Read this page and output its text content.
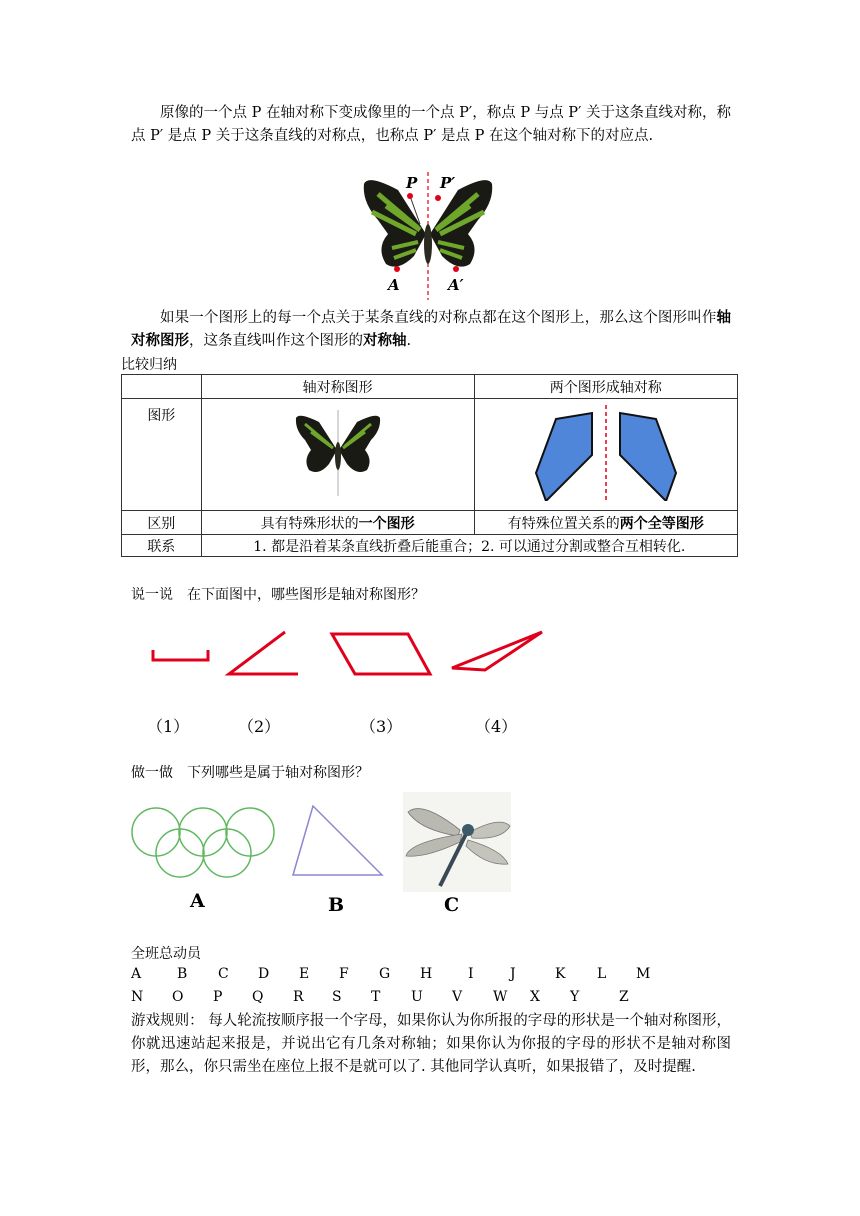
原像的一个点 P 在轴对称下变成像里的一个点 P′，称点 P 与点 P′ 关于这条直线对称，称点 P′ 是点 P 关于这条直线的对称点，也称点 P′ 是点 P 在这个轴对称下的对应点.
P P′
A	A′
如果一个图形上的每一个点关于某条直线的对称点都在这个图形上，那么这个图形叫作轴对称图形，这条直线叫作这个图形的对称轴.
比较归纳
	轴对称图形	两个图形成轴对称
图形		
区别	具有特殊形状的一个图形	有特殊位置关系的两个全等图形
联系	1. 都是沿着某条直线折叠后能重合；2. 可以通过分割或整合互相转化.	
说一说　在下面图中，哪些图形是轴对称图形？
（1）	（2）	（3）	（4）
做一做　下列哪些是属于轴对称图形？
A	B	C
全班总动员
A	B C D E F G H	I	J	K L M
N O P Q R S T U V W X Y	Z
游戏规则： 每人轮流按顺序报一个字母，如果你认为你所报的字母的形状是一个轴对称图形，你就迅速站起来报是，并说出它有几条对称轴；如果你认为你报的字母的形状不是轴对称图形，那么，你只需坐在座位上报不是就可以了. 其他同学认真听，如果报错了，及时提醒.
